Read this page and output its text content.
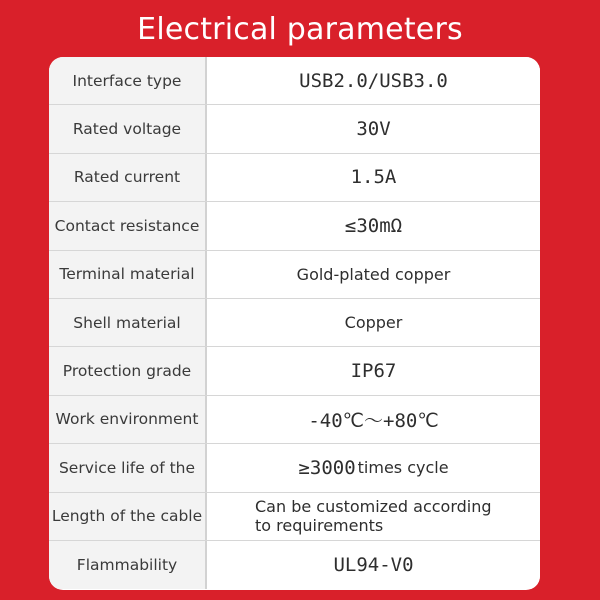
Electrical parameters
Interface type	USB2.0/USB3.0
Rated voltage	30V
Rated current	1.5A
Contact resistance	≤30mΩ
Terminal material	Gold-plated copper
Shell material	Copper
Protection grade	IP67
Work environment	-40℃～+80℃
Service life of the	≥3000 times cycle
Length of the cable	Can be customized according
to requirements
Flammability	UL94-V0
